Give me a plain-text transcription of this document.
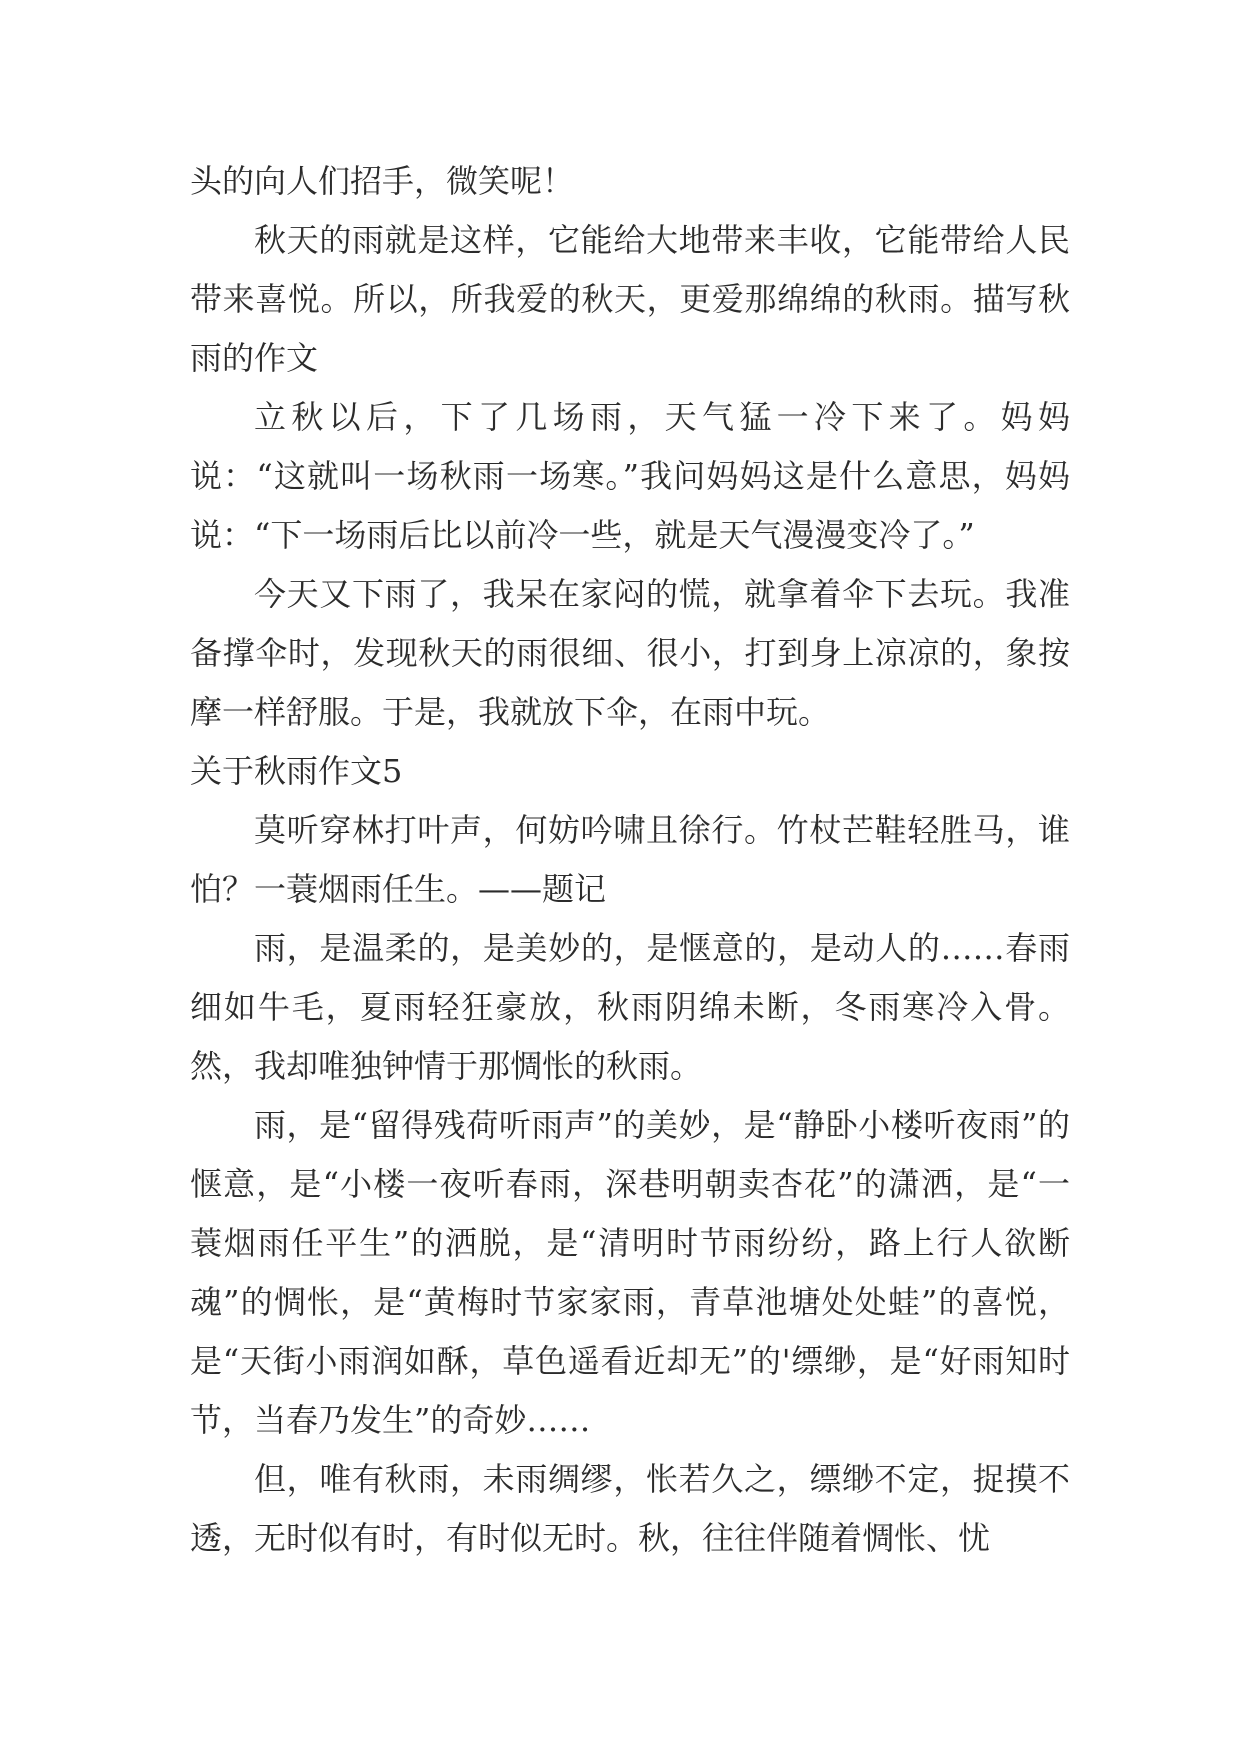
头的向人们招手，微笑呢！

秋天的雨就是这样，它能给大地带来丰收，它能带给人民带来喜悦。所以，所我爱的秋天，更爱那绵绵的秋雨。描写秋雨的作文

立秋以后，下了几场雨，天气猛一冷下来了。妈妈说：“这就叫一场秋雨一场寒。”我问妈妈这是什么意思，妈妈说：“下一场雨后比以前冷一些，就是天气漫漫变冷了。”

今天又下雨了，我呆在家闷的慌，就拿着伞下去玩。我准备撑伞时，发现秋天的雨很细、很小，打到身上凉凉的，象按摩一样舒服。于是，我就放下伞，在雨中玩。

关于秋雨作文5

莫听穿林打叶声，何妨吟啸且徐行。竹杖芒鞋轻胜马，谁怕？一蓑烟雨任生。——题记

雨，是温柔的，是美妙的，是惬意的，是动人的……春雨细如牛毛，夏雨轻狂豪放，秋雨阴绵未断，冬雨寒冷入骨。然，我却唯独钟情于那惆怅的秋雨。

雨，是“留得残荷听雨声”的美妙，是“静卧小楼听夜雨”的惬意，是“小楼一夜听春雨，深巷明朝卖杏花”的潇洒，是“一蓑烟雨任平生”的洒脱，是“清明时节雨纷纷，路上行人欲断魂”的惆怅，是“黄梅时节家家雨，青草池塘处处蛙”的喜悦，是“天街小雨润如酥，草色遥看近却无”的'缥缈，是“好雨知时节，当春乃发生”的奇妙……

但，唯有秋雨，未雨绸缪，怅若久之，缥缈不定，捉摸不透，无时似有时，有时似无时。秋，往往伴随着惆怅、忧
